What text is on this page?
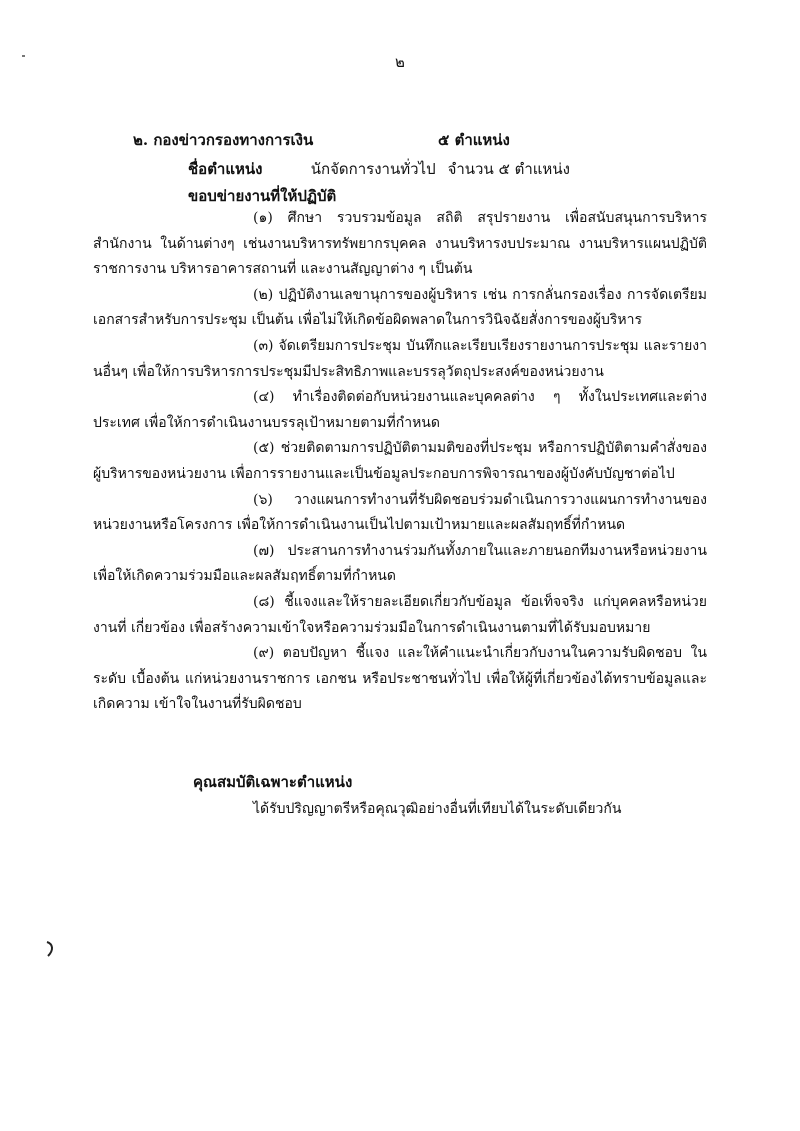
๒
๒. กองข่าวกรองทางการเงิน	๕ ตำแหน่ง
ชื่อตำแหน่ง	นักจัดการงานทั่วไป จำนวน ๕ ตำแหน่ง
ขอบข่ายงานที่ให้ปฏิบัติ

(๑) ศึกษา รวบรวมข้อมูล สถิติ สรุปรายงาน เพื่อสนับสนุนการบริหารสำนักงาน ในด้านต่างๆ เช่นงานบริหารทรัพยากรบุคคล งานบริหารงบประมาณ งานบริหารแผนปฏิบัติราชการงาน บริหารอาคารสถานที่ และงานสัญญาต่าง ๆ เป็นต้น

(๒) ปฏิบัติงานเลขานุการของผู้บริหาร เช่น การกลั่นกรองเรื่อง การจัดเตรียม เอกสารสำหรับการประชุม เป็นต้น เพื่อไม่ให้เกิดข้อผิดพลาดในการวินิจฉัยสั่งการของผู้บริหาร

(๓) จัดเตรียมการประชุม บันทึกและเรียบเรียงรายงานการประชุม และรายงานอื่นๆ เพื่อให้การบริหารการประชุมมีประสิทธิภาพและบรรลุวัตถุประสงค์ของหน่วยงาน

(๔) ทำเรื่องติดต่อกับหน่วยงานและบุคคลต่าง ๆ ทั้งในประเทศและต่างประเทศ เพื่อให้การดำเนินงานบรรลุเป้าหมายตามที่กำหนด

(๕) ช่วยติดตามการปฏิบัติตามมติของที่ประชุม หรือการปฏิบัติตามคำสั่งของ ผู้บริหารของหน่วยงาน เพื่อการรายงานและเป็นข้อมูลประกอบการพิจารณาของผู้บังคับบัญชาต่อไป

(๖) วางแผนการทำงานที่รับผิดชอบร่วมดำเนินการวางแผนการทำงานของ หน่วยงานหรือโครงการ เพื่อให้การดำเนินงานเป็นไปตามเป้าหมายและผลสัมฤทธิ์ที่กำหนด

(๗) ประสานการทำงานร่วมกันทั้งภายในและภายนอกทีมงานหรือหน่วยงาน เพื่อให้เกิดความร่วมมือและผลสัมฤทธิ์ตามที่กำหนด

(๘) ชี้แจงและให้รายละเอียดเกี่ยวกับข้อมูล ข้อเท็จจริง แก่บุคคลหรือหน่วยงานที่ เกี่ยวข้อง เพื่อสร้างความเข้าใจหรือความร่วมมือในการดำเนินงานตามที่ได้รับมอบหมาย

(๙) ตอบปัญหา ชี้แจง และให้คำแนะนำเกี่ยวกับงานในความรับผิดชอบ ในระดับ เบื้องต้น แก่หน่วยงานราชการ เอกชน หรือประชาชนทั่วไป เพื่อให้ผู้ที่เกี่ยวข้องได้ทราบข้อมูลและเกิดความ เข้าใจในงานที่รับผิดชอบ

คุณสมบัติเฉพาะตำแหน่ง
ได้รับปริญญาตรีหรือคุณวุฒิอย่างอื่นที่เทียบได้ในระดับเดียวกัน
